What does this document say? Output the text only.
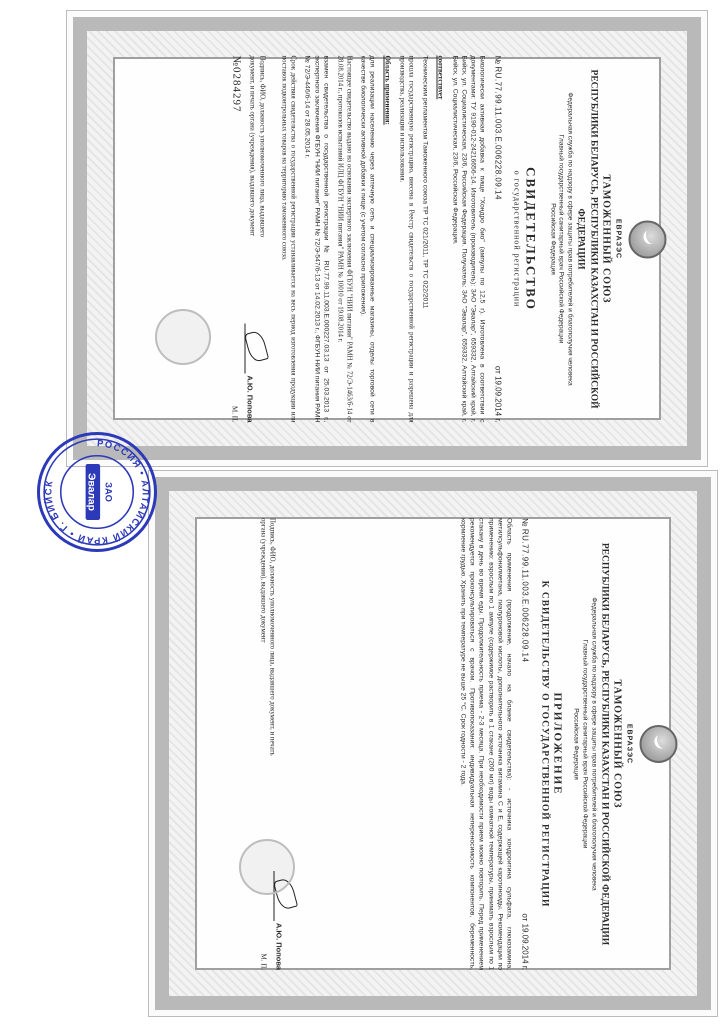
ЕВРАЗЭС
ТАМОЖЕННЫЙ СОЮЗ
РЕСПУБЛИКИ БЕЛАРУСЬ, РЕСПУБЛИКИ КАЗАХСТАН И РОССИЙСКОЙ ФЕДЕРАЦИИ
Федеральная служба по надзору в сфере защиты прав потребителей и благополучия человека
Главный государственный санитарный врач Российской Федерации
Российская Федерация
СВИДЕТЕЛЬСТВО
о государственной регистрации
№ RU.77.99.11.003.Е.006228.09.14
от 19.09.2014 г.
Биологически активная добавка к пище "Хондро био" (ампулы по 12,5 г). Изготовлена в соответствии с документами: ТУ 9190-012-24216656-14. Изготовитель (производитель): ЗАО "Эвалар", 659332, Алтайский край, г. Бийск, ул. Социалистическая, 23/6, Российская Федерация. Получатель: ЗАО "Эвалар", 659332, Алтайский край, г. Бийск, ул. Социалистическая, 23/6, Российская Федерация.
соответствует
Техническим регламентам Таможенного союза ТР ТС 021/2011, ТР ТС 022/2011
прошла государственную регистрацию, внесена в Реестр свидетельств о государственной регистрации и разрешена для производства, реализации и использования.
Область применения:
для реализации населению через аптечную сеть и специализированные магазины, отделы торговой сети в качестве биологически активной добавки к пище (с учетом согласно приложения).
Настоящее свидетельство выдано на основании экспертного заключения ФГБУН "НИИ питания" РАМН № 72/Э-1463/б-14 от 28.08.2014 г., протоколов испытаний ИЛЦ ФГБУН "НИИ питания" РАМН № 10010 от 19.08.2014 г.
взамен свидетельства о государственной регистрации № RU.77.99.11.003.Е.000227.03.13 от 25.03.2013 г., экспертного заключения ФГБУН "НИИ питания" РАМН № 72/Э-547/б-13 от 14.02.2013 г., ФГБУН НИИ питания РАМН № 72/Э-446/б-14 от 28.05.2014 г.
Срок действия свидетельства о государственной регистрации устанавливается на весь период изготовления продукции или поставок подконтрольных товаров на территорию таможенного союза.
Подпись, ФИО, должность уполномоченного лица, выдавшего документ, и печать органа (учреждения), выдавшего документ
№0284297
А.Ю. Попова
М. П.
ЕВРАЗЭС
ТАМОЖЕННЫЙ СОЮЗ
РЕСПУБЛИКИ БЕЛАРУСЬ, РЕСПУБЛИКИ КАЗАХСТАН И РОССИЙСКОЙ ФЕДЕРАЦИИ
Федеральная служба по надзору в сфере защиты прав потребителей и благополучия человека
Главный государственный санитарный врач Российской Федерации
Российская Федерация
ПРИЛОЖЕНИЕ
К СВИДЕТЕЛЬСТВУ О ГОСУДАРСТВЕННОЙ РЕГИСТРАЦИИ
№ RU.77.99.11.003.Е.006228.09.14
от 19.09.2014 г.
Область применения (продолжение, начало на бланке свидетельства): - источника хондроитина сульфата, глюкозамина, метилсульфонилметана, гиалуроновой кислоты, дополнительного источника витамина С и Е, содержащей каротиноиды. Рекомендации по применению: взрослым по 1 ампуле (содержимое растворить в 1 стакане (200 мл) воды комнатной температуры, принимать взрослым по 1 стакану в день во время еды. Продолжительность приема - 2-3 месяца. При необходимости прием можно повторить. Перед применением рекомендуется проконсультироваться с врачом. Противопоказания: индивидуальная непереносимость компонентов, беременность, кормление грудью. Хранить при температуре не выше 25 °С. Срок годности - 2 года.
Подпись, ФИО, должность уполномоченного лица, выдавшего документ, и печать органа (учреждения), выдавшего документ
А.Ю. Попова
М. П.
РОССИЯ • АЛТАЙСКИЙ КРАЙ • Г. БИЙСК	ЗАО
Эвалар
